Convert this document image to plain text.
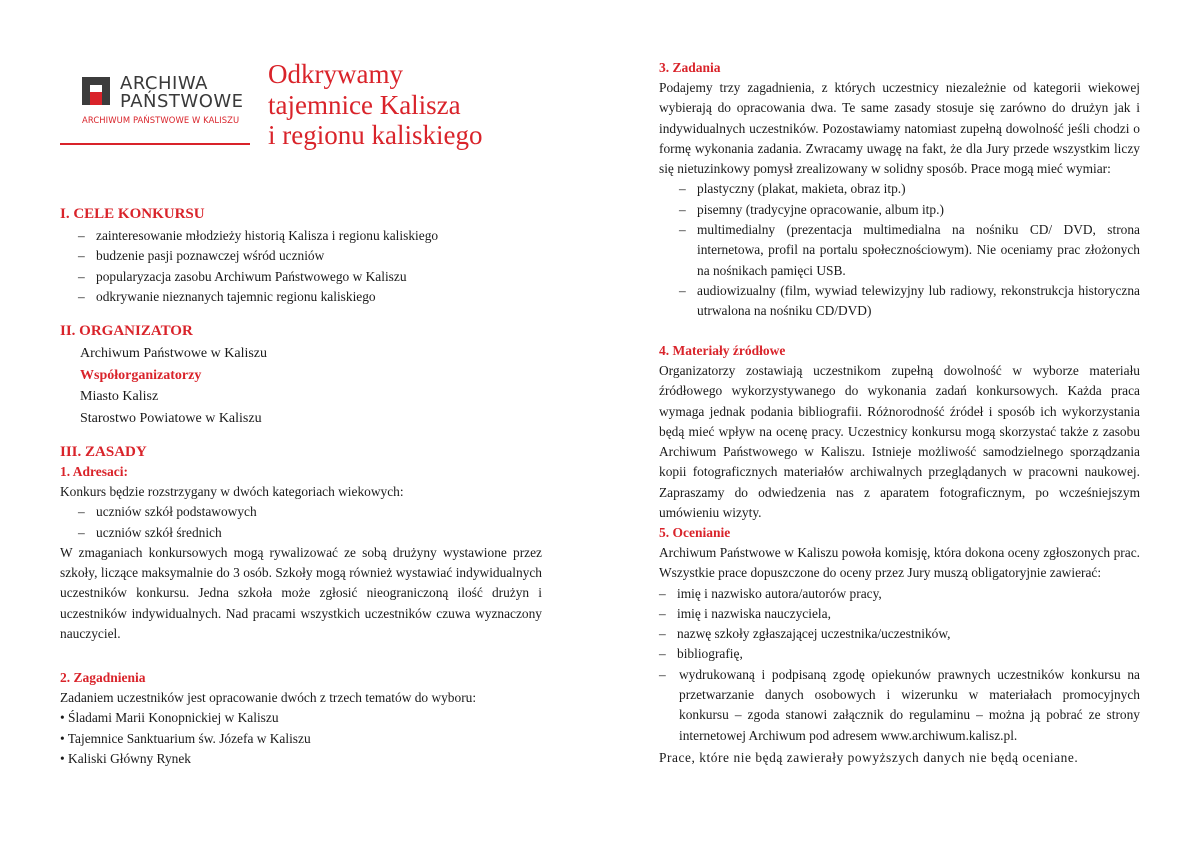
ARCHIWA
PAŃSTWOWE
ARCHIWUM PAŃSTWOWE W KALISZU
Odkrywamy
tajemnice Kalisza
i regionu kaliskiego
I. CELE KONKURSU
– zainteresowanie młodzieży historią Kalisza i regionu kaliskiego
– budzenie pasji poznawczej wśród uczniów
– popularyzacja zasobu Archiwum Państwowego w Kaliszu
– odkrywanie nieznanych tajemnic regionu kaliskiego
II. ORGANIZATOR
Archiwum Państwowe w Kaliszu
Współorganizatorzy
Miasto Kalisz
Starostwo Powiatowe w Kaliszu
III. ZASADY
1. Adresaci:
Konkurs będzie rozstrzygany w dwóch kategoriach wiekowych:
– uczniów szkół podstawowych
– uczniów szkół średnich
W zmaganiach konkursowych mogą rywalizować ze sobą drużyny wystawione przez szkoły, liczące maksymalnie do 3 osób. Szkoły mogą również wystawiać indywidualnych uczestników konkursu. Jedna szkoła może zgłosić nieograniczoną ilość drużyn i uczestników indywidualnych. Nad pracami wszystkich uczestników czuwa wyznaczony nauczyciel.
2. Zagadnienia
Zadaniem uczestników jest opracowanie dwóch z trzech tematów do wyboru:
• Śladami Marii Konopnickiej w Kaliszu
• Tajemnice Sanktuarium św. Józefa w Kaliszu
• Kaliski Główny Rynek
3. Zadania
Podajemy trzy zagadnienia, z których uczestnicy niezależnie od kategorii wiekowej wybierają do opracowania dwa. Te same zasady stosuje się zarówno do drużyn jak i indywidualnych uczestników. Pozostawiamy natomiast zupełną dowolność jeśli chodzi o formę wykonania zadania. Zwracamy uwagę na fakt, że dla Jury przede wszystkim liczy się nietuzinkowy pomysł zrealizowany w solidny sposób. Prace mogą mieć wymiar:
– plastyczny (plakat, makieta, obraz itp.)
– pisemny (tradycyjne opracowanie, album itp.)
– multimedialny (prezentacja multimedialna na nośniku CD/ DVD, strona internetowa, profil na portalu społecznościowym). Nie oceniamy prac złożonych na nośnikach pamięci USB.
– audiowizualny (film, wywiad telewizyjny lub radiowy, rekonstrukcja historyczna utrwalona na nośniku CD/DVD)
4. Materiały źródłowe
Organizatorzy zostawiają uczestnikom zupełną dowolność w wyborze materiału źródłowego wykorzystywanego do wykonania zadań konkursowych. Każda praca wymaga jednak podania bibliografii. Różnorodność źródeł i sposób ich wykorzystania będą mieć wpływ na ocenę pracy. Uczestnicy konkursu mogą skorzystać także z zasobu Archiwum Państwowego w Kaliszu. Istnieje możliwość samodzielnego sporządzania kopii fotograficznych materiałów archiwalnych przeglądanych w pracowni naukowej. Zapraszamy do odwiedzenia nas z aparatem fotograficznym, po wcześniejszym umówieniu wizyty.
5. Ocenianie
Archiwum Państwowe w Kaliszu powoła komisję, która dokona oceny zgłoszonych prac. Wszystkie prace dopuszczone do oceny przez Jury muszą obligatoryjnie zawierać:
– imię i nazwisko autora/autorów pracy,
– imię i nazwiska nauczyciela,
– nazwę szkoły zgłaszającej uczestnika/uczestników,
– bibliografię,
– wydrukowaną i podpisaną zgodę opiekunów prawnych uczestników konkursu na przetwarzanie danych osobowych i wizerunku w materiałach promocyjnych konkursu – zgoda stanowi załącznik do regulaminu – można ją pobrać ze strony internetowej Archiwum pod adresem www.archiwum.kalisz.pl.
Prace, które nie będą zawierały powyższych danych nie będą oceniane.
